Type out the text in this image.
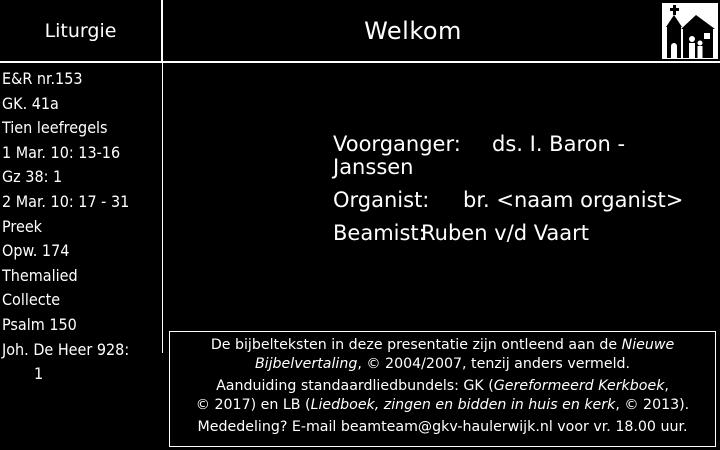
Liturgie	Welkom
E&R nr.153
GK. 41a
Tien leefregels
1 Mar. 10: 13-16
Gz 38: 1
2 Mar. 10: 17 - 31
Preek
Opw. 174
Themalied
Collecte
Psalm 150
Joh. De Heer 928:
1
Voorganger:	ds. I. Baron -
Janssen
Organist:	br. <naam organist>
Beamist:
Ruben v/d Vaart

De bijbelteksten in deze presentatie zijn ontleend aan de Nieuwe

Bijbelvertaling, © 2004/2007, tenzij anders vermeld.

Aanduiding standaardliedbundels: GK (Gereformeerd Kerkboek,

© 2017) en LB (Liedboek, zingen en bidden in huis en kerk, © 2013).

Mededeling? E-mail beamteam@gkv-haulerwijk.nl voor vr. 18.00 uur.
